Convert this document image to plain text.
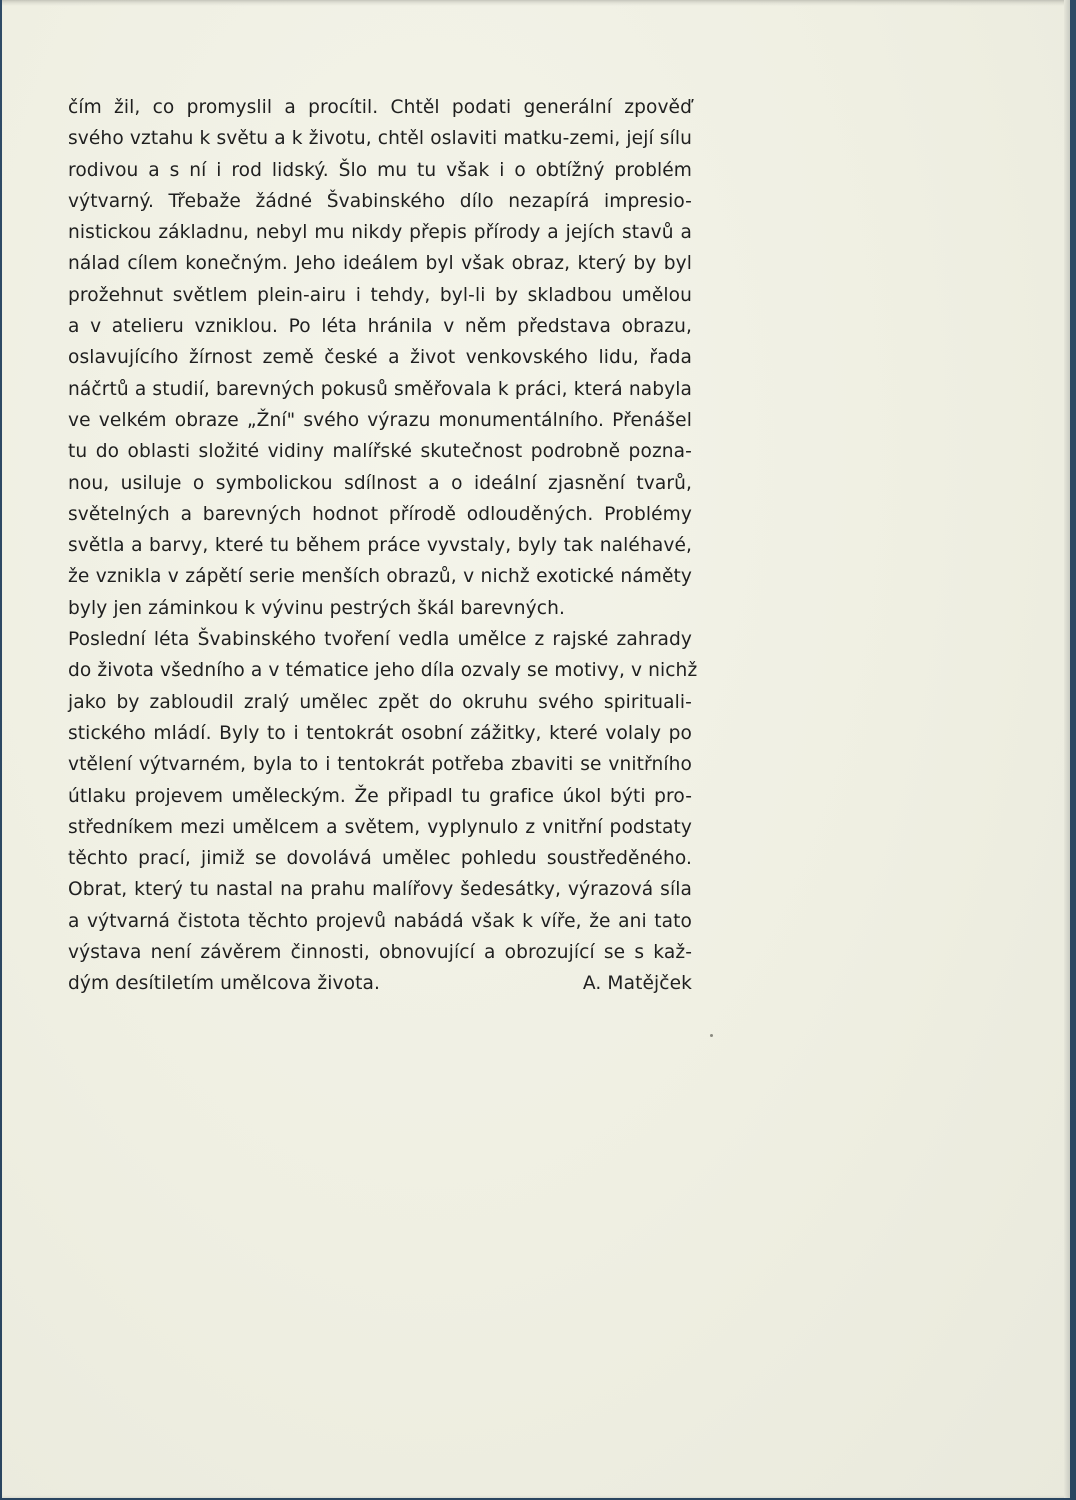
čím žil, co promyslil a procítil. Chtěl podati generální zpověď
svého vztahu k světu a k životu, chtěl oslaviti matku-zemi, její sílu
rodivou a s ní i rod lidský. Šlo mu tu však i o obtížný problém
výtvarný. Třebaže žádné Švabinského dílo nezapírá impresio-
nistickou základnu, nebyl mu nikdy přepis přírody a jejích stavů a
nálad cílem konečným. Jeho ideálem byl však obraz, který by byl
prožehnut světlem plein-airu i tehdy, byl-li by skladbou umělou
a v atelieru vzniklou. Po léta hránila v něm představa obrazu,
oslavujícího žírnost země české a život venkovského lidu, řada
náčrtů a studií, barevných pokusů směřovala k práci, která nabyla
ve velkém obraze „Žní" svého výrazu monumentálního. Přenášel
tu do oblasti složité vidiny malířské skutečnost podrobně pozna-
nou, usiluje o symbolickou sdílnost a o ideální zjasnění tvarů,
světelných a barevných hodnot přírodě odlouděných. Problémy
světla a barvy, které tu během práce vyvstaly, byly tak naléhavé,
že vznikla v zápětí serie menších obrazů, v nichž exotické náměty
byly jen záminkou k vývinu pestrých škál barevných.
Poslední léta Švabinského tvoření vedla umělce z rajské zahrady
do života všedního a v tématice jeho díla ozvaly se motivy, v nichž
jako by zabloudil zralý umělec zpět do okruhu svého spirituali-
stického mládí. Byly to i tentokrát osobní zážitky, které volaly po
vtělení výtvarném, byla to i tentokrát potřeba zbaviti se vnitřního
útlaku projevem uměleckým. Že připadl tu grafice úkol býti pro-
středníkem mezi umělcem a světem, vyplynulo z vnitřní podstaty
těchto prací, jimiž se dovolává umělec pohledu soustředěného.
Obrat, který tu nastal na prahu malířovy šedesátky, výrazová síla
a výtvarná čistota těchto projevů nabádá však k víře, že ani tato
výstava není závěrem činnosti, obnovující a obrozující se s kaž-
dým desítiletím umělcova života.	A. Matějček
